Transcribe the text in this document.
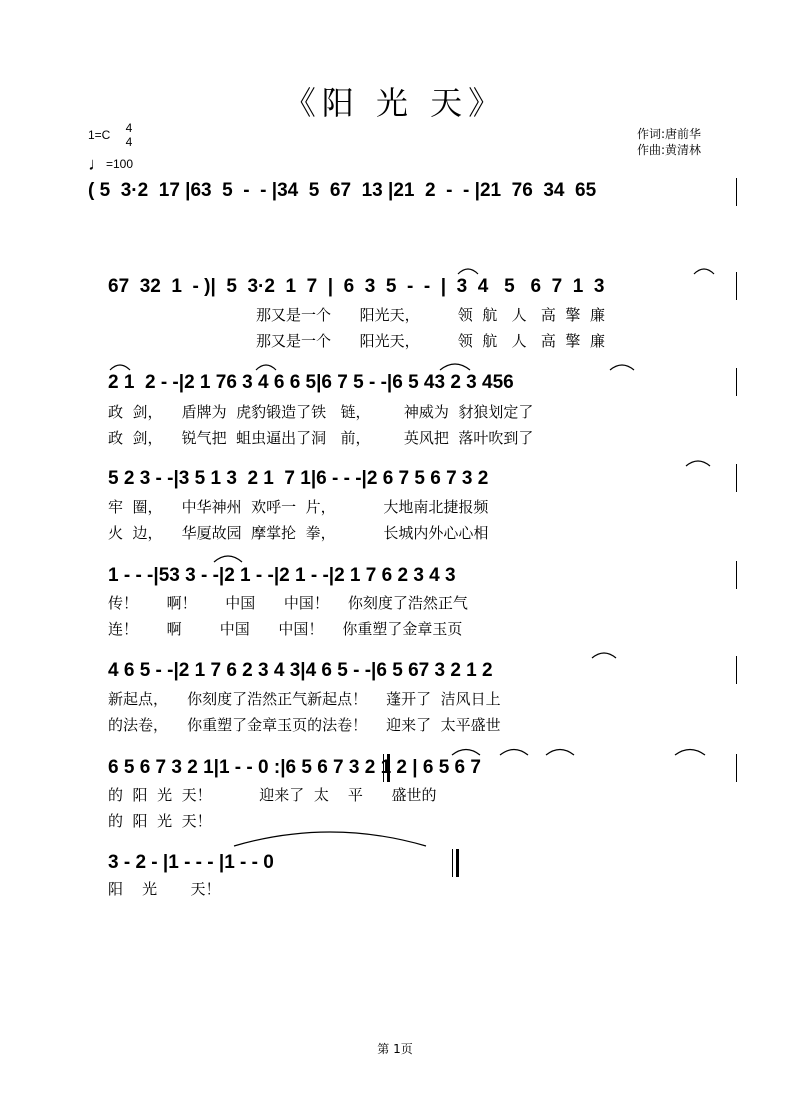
《阳 光 天》
1=C	4
4
♩=100
作词:唐前华
作曲:黄清林
( 5  3·2  17 |63  5  -  - |34  5  67  13 |21  2  -  - |21  76  34  65
67  32  1  - )|  5  3·2  1  7  |  6  3  5  -  -  |  3  4   5   6  7  1  3
那又是一个      阳光天，        领  航   人   高  擎  廉
那又是一个      阳光天，        领  航   人   高  擎  廉
2 1  2 - -|2 1 76 3 4 6 6 5|6 7 5 - -|6 5 43 2 3 456
政  剑，    盾牌为  虎豹锻造了铁   链，       神威为  豺狼划定了
政  剑，    锐气把  蛆虫逼出了洞   前，       英风把  落叶吹到了
5 2 3 - -|3 5 1 3  2 1  7 1|6 - - -|2 6 7 5 6 7 3 2
牢  圈，    中华神州  欢呼一  片，          大地南北捷报频
火  边，    华厦故园  摩掌抡  拳，          长城内外心心相
1 - - -|53 3 - -|2 1 - -|2 1 - -|2 1 7 6 2 3 4 3
传！      啊！      中国      中国！    你刻度了浩然正气
连！      啊        中国      中国！    你重塑了金章玉页
4 6 5 - -|2 1 7 6 2 3 4 3|4 6 5 - -|6 5 67 3 2 1 2
新起点，    你刻度了浩然正气新起点！    蓬开了  洁风日上
的法卷，    你重塑了金章玉页的法卷！    迎来了  太平盛世
6 5 6 7 3 2 1|1 - - 0 :|6 5 6 7 3 2 1 2 | 6 5 6 7
的  阳  光  天！          迎来了  太    平      盛世的
的  阳  光  天！
3 - 2 - |1 - - - |1 - - 0
阳    光       天！
第 1页
